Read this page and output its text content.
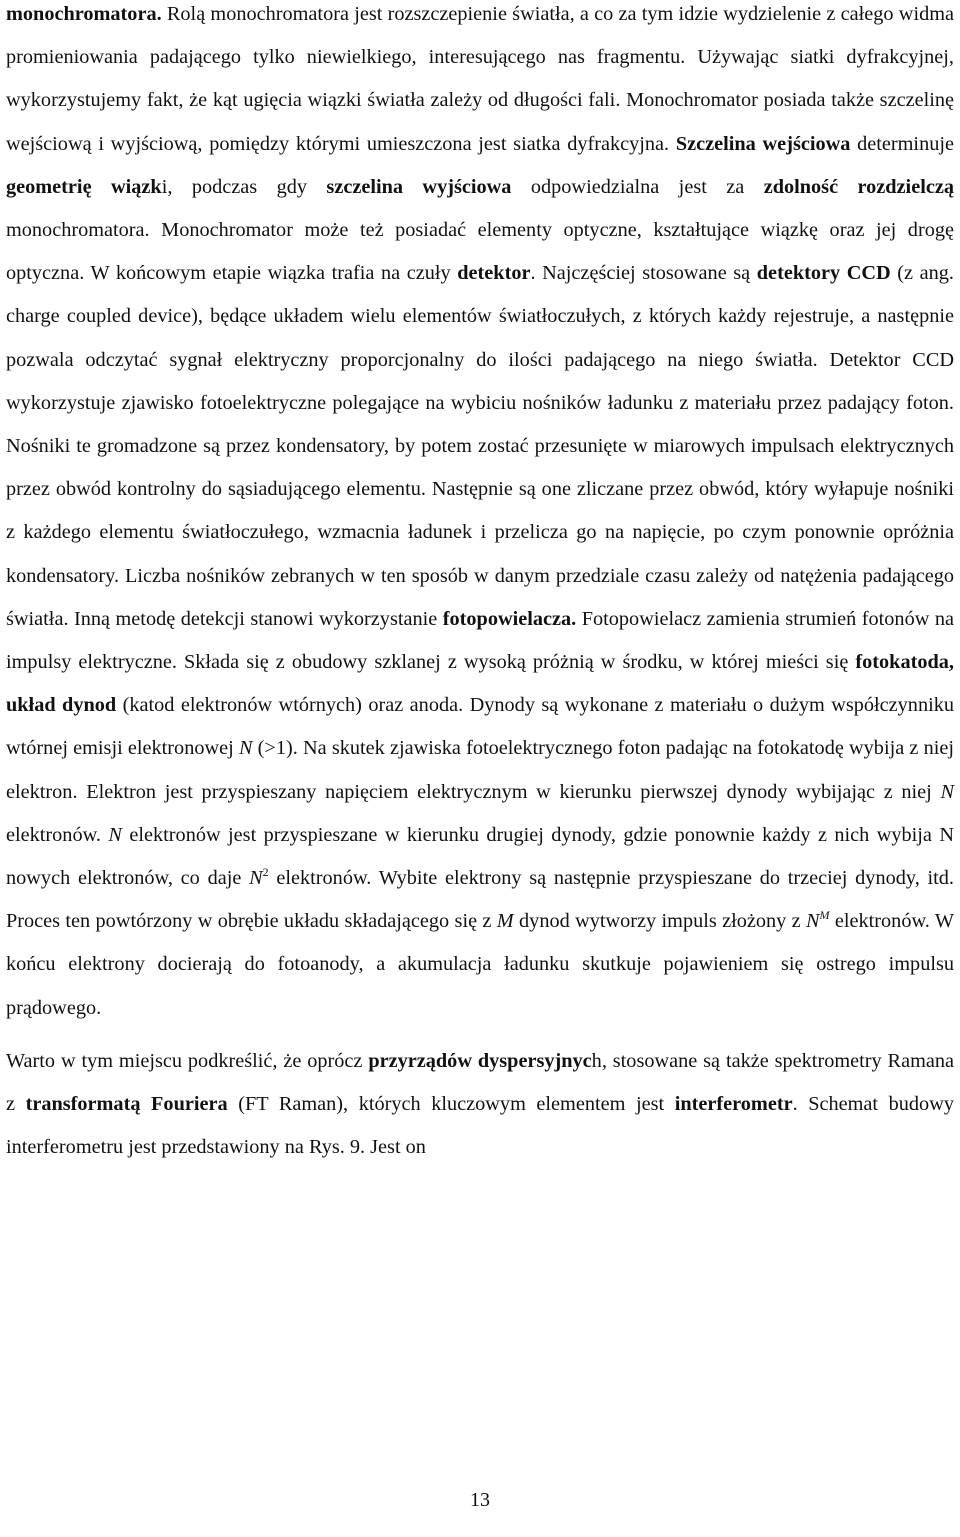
monochromatora. Rolą monochromatora jest rozszczepienie światła, a co za tym idzie wydzielenie z całego widma promieniowania padającego tylko niewielkiego, interesującego nas fragmentu. Używając siatki dyfrakcyjnej, wykorzystujemy fakt, że kąt ugięcia wiązki światła zależy od długości fali. Monochromator posiada także szczelinę wejściową i wyjściową, pomiędzy którymi umieszczona jest siatka dyfrakcyjna. Szczelina wejściowa determinuje geometrię wiązki, podczas gdy szczelina wyjściowa odpowiedzialna jest za zdolność rozdzielczą monochromatora. Monochromator może też posiadać elementy optyczne, kształtujące wiązkę oraz jej drogę optyczna. W końcowym etapie wiązka trafia na czuły detektor. Najczęściej stosowane są detektory CCD (z ang. charge coupled device), będące układem wielu elementów światłoczułych, z których każdy rejestruje, a następnie pozwala odczytać sygnał elektryczny proporcjonalny do ilości padającego na niego światła. Detektor CCD wykorzystuje zjawisko fotoelektryczne polegające na wybiciu nośników ładunku z materiału przez padający foton. Nośniki te gromadzone są przez kondensatory, by potem zostać przesunięte w miarowych impulsach elektrycznych przez obwód kontrolny do sąsiadującego elementu. Następnie są one zliczane przez obwód, który wyłapuje nośniki z każdego elementu światłoczułego, wzmacnia ładunek i przelicza go na napięcie, po czym ponownie opróżnia kondensatory. Liczba nośników zebranych w ten sposób w danym przedziale czasu zależy od natężenia padającego światła. Inną metodę detekcji stanowi wykorzystanie fotopowielacza. Fotopowielacz zamienia strumień fotonów na impulsy elektryczne. Składa się z obudowy szklanej z wysoką próżnią w środku, w której mieści się fotokatoda, układ dynod (katod elektronów wtórnych) oraz anoda. Dynody są wykonane z materiału o dużym współczynniku wtórnej emisji elektronowej N (>1). Na skutek zjawiska fotoelektrycznego foton padając na fotokatodę wybija z niej elektron. Elektron jest przyspieszany napięciem elektrycznym w kierunku pierwszej dynody wybijając z niej N elektronów. N elektronów jest przyspieszane w kierunku drugiej dynody, gdzie ponownie każdy z nich wybija N nowych elektronów, co daje $N^2$ elektronów. Wybite elektrony są następnie przyspieszane do trzeciej dynody, itd. Proces ten powtórzony w obrębie układu składającego się z M dynod wytworzy impuls złożony z $N^M$ elektronów. W końcu elektrony docierają do fotoanody, a akumulacja ładunku skutkuje pojawieniem się ostrego impulsu prądowego.

Warto w tym miejscu podkreślić, że oprócz przyrządów dyspersyjnych, stosowane są także spektrometry Ramana z transformatą Fouriera (FT Raman), których kluczowym elementem jest interferometr. Schemat budowy interferometru jest przedstawiony na Rys. 9. Jest on

13
